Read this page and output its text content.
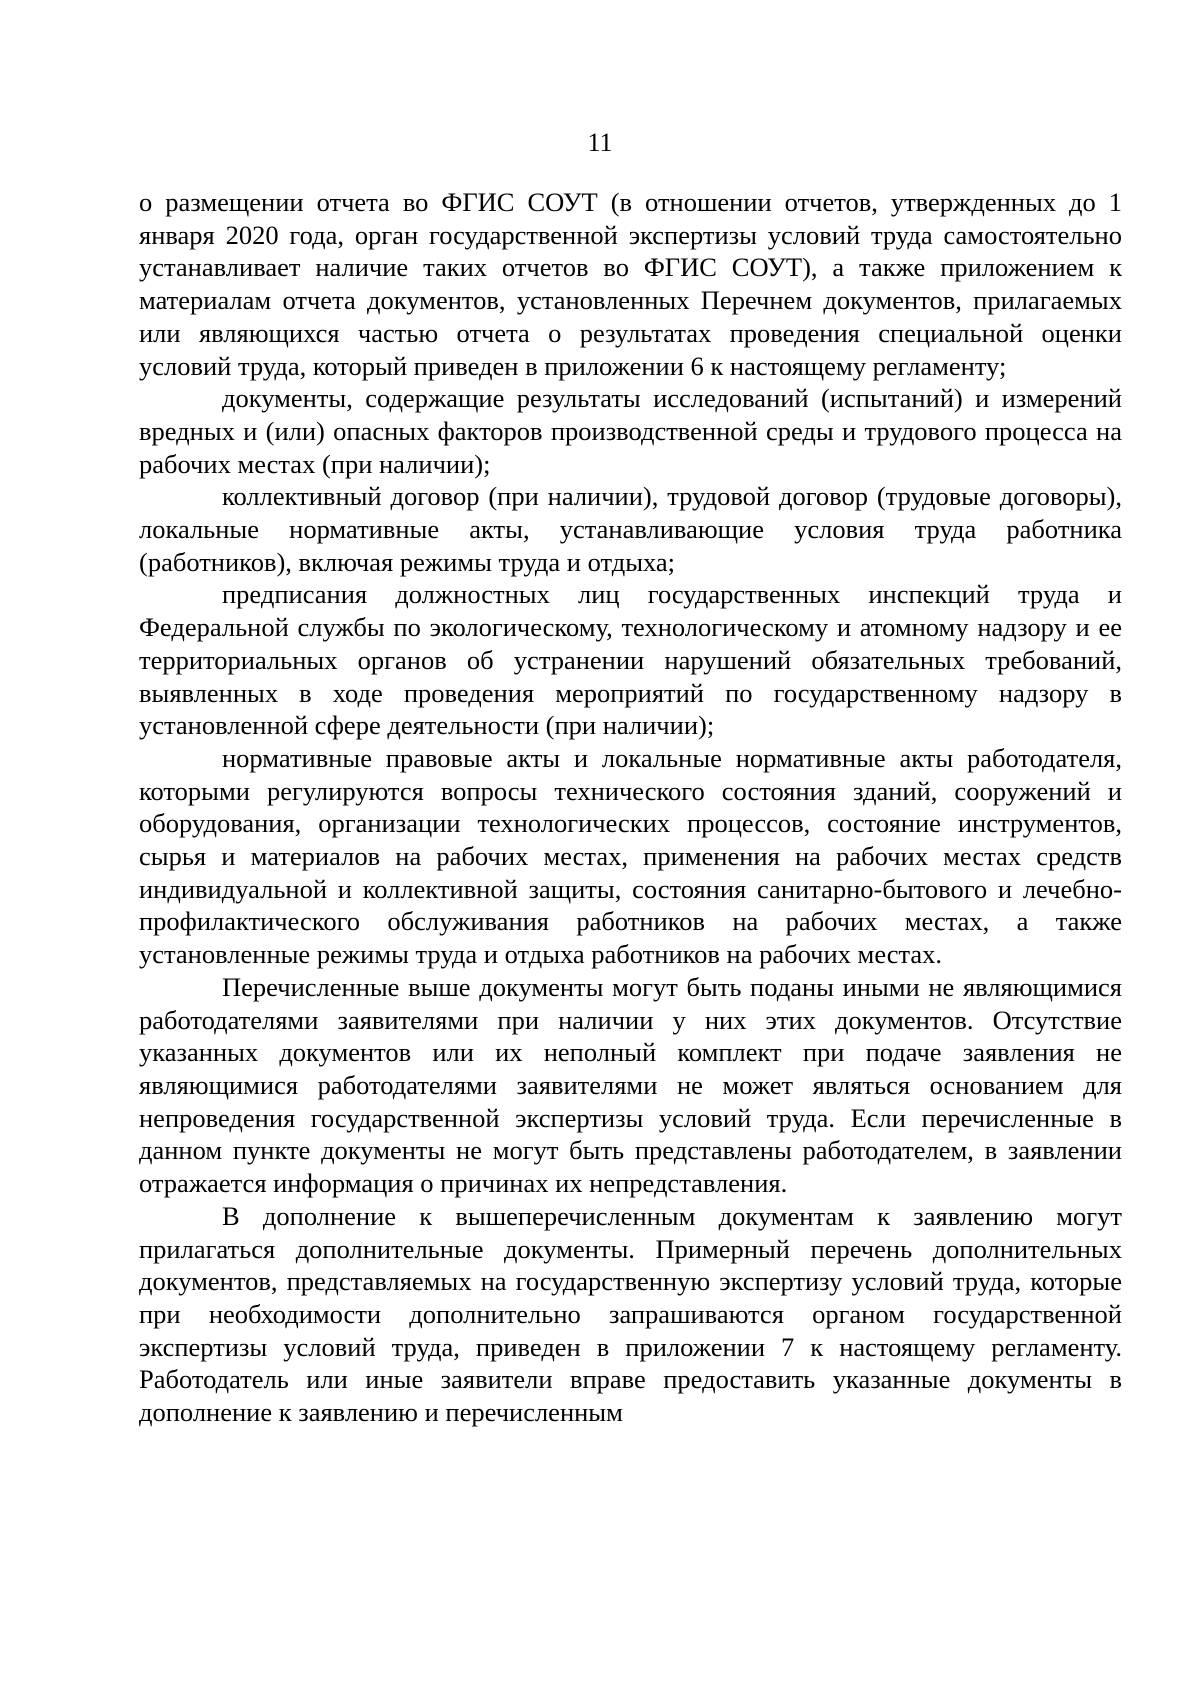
11

о размещении отчета во ФГИС СОУТ (в отношении отчетов, утвержденных до 1 января 2020 года, орган государственной экспертизы условий труда самостоятельно устанавливает наличие таких отчетов во ФГИС СОУТ), а также приложением к материалам отчета документов, установленных Перечнем документов, прилагаемых или являющихся частью отчета о результатах проведения специальной оценки условий труда, который приведен в приложении 6 к настоящему регламенту;

документы, содержащие результаты исследований (испытаний) и измерений вредных и (или) опасных факторов производственной среды и трудового процесса на рабочих местах (при наличии);

коллективный договор (при наличии), трудовой договор (трудовые договоры), локальные нормативные акты, устанавливающие условия труда работника (работников), включая режимы труда и отдыха;

предписания должностных лиц государственных инспекций труда и Федеральной службы по экологическому, технологическому и атомному надзору и ее территориальных органов об устранении нарушений обязательных требований, выявленных в ходе проведения мероприятий по государственному надзору в установленной сфере деятельности (при наличии);

нормативные правовые акты и локальные нормативные акты работодателя, которыми регулируются вопросы технического состояния зданий, сооружений и оборудования, организации технологических процессов, состояние инструментов, сырья и материалов на рабочих местах, применения на рабочих местах средств индивидуальной и коллективной защиты, состояния санитарно-бытового и лечебно-профилактического обслуживания работников на рабочих местах, а также установленные режимы труда и отдыха работников на рабочих местах.

Перечисленные выше документы могут быть поданы иными не являющимися работодателями заявителями при наличии у них этих документов. Отсутствие указанных документов или их неполный комплект при подаче заявления не являющимися работодателями заявителями не может являться основанием для непроведения государственной экспертизы условий труда. Если перечисленные в данном пункте документы не могут быть представлены работодателем, в заявлении отражается информация о причинах их непредставления.

В дополнение к вышеперечисленным документам к заявлению могут прилагаться дополнительные документы. Примерный перечень дополнительных документов, представляемых на государственную экспертизу условий труда, которые при необходимости дополнительно запрашиваются органом государственной экспертизы условий труда, приведен в приложении 7 к настоящему регламенту. Работодатель или иные заявители вправе предоставить указанные документы в дополнение к заявлению и перечисленным
